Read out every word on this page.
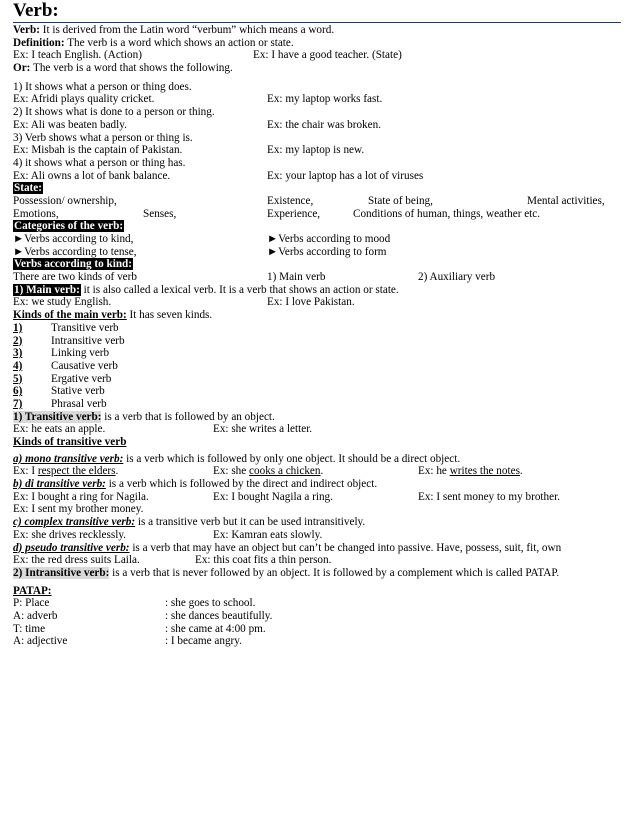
Verb:
Verb: It is derived from the Latin word “verbum” which means a word.
Definition: The verb is a word which shows an action or state.
Ex: I teach English. (Action)	Ex: I have a good teacher. (State)
Or: The verb is a word that shows the following.
1) It shows what a person or thing does.
Ex: Afridi plays quality cricket.	Ex: my laptop works fast.
2) It shows what is done to a person or thing.
Ex: Ali was beaten badly.	Ex: the chair was broken.
3) Verb shows what a person or thing is.
Ex: Misbah is the captain of Pakistan.	Ex: my laptop is new.
4) it shows what a person or thing has.
Ex: Ali owns a lot of bank balance.	Ex: your laptop has a lot of viruses
State:
Possession/ ownership,	Existence,	State of being,	Mental activities,
Emotions,	Senses,	Experience,	Conditions of human, things, weather etc.
Categories of the verb:
►Verbs according to kind,	►Verbs according to mood
►Verbs according to tense,	►Verbs according to form
Verbs according to kind:
There are two kinds of verb	1) Main verb	2) Auxiliary verb
1) Main verb: it is also called a lexical verb. It is a verb that shows an action or state.
Ex: we study English.	Ex: I love Pakistan.
Kinds of the main verb: It has seven kinds.
1)	Transitive verb
2)	Intransitive verb
3)	Linking verb
4)	Causative verb
5)	Ergative verb
6)	Stative verb
7)	Phrasal verb
1) Transitive verb: is a verb that is followed by an object.
Ex: he eats an apple.	Ex: she writes a letter.
Kinds of transitive verb
a) mono transitive verb: is a verb which is followed by only one object. It should be a direct object.
Ex: I respect the elders.	Ex: she cooks a chicken.	Ex: he writes the notes.
b) di transitive verb: is a verb which is followed by the direct and indirect object.
Ex: I bought a ring for Nagila.	Ex: I bought Nagila a ring.	Ex: I sent money to my brother.
Ex: I sent my brother money.
c) complex transitive verb: is a transitive verb but it can be used intransitively.
Ex: she drives recklessly.	Ex: Kamran eats slowly.
d) pseudo transitive verb: is a verb that may have an object but can’t be changed into passive. Have, possess, suit, fit, own
Ex: the red dress suits Laila.	Ex: this coat fits a thin person.
2) Intransitive verb: is a verb that is never followed by an object. It is followed by a complement which is called PATAP.
PATAP:
P: Place	: she goes to school.
A: adverb	: she dances beautifully.
T: time	: she came at 4:00 pm.
A: adjective	: I became angry.
